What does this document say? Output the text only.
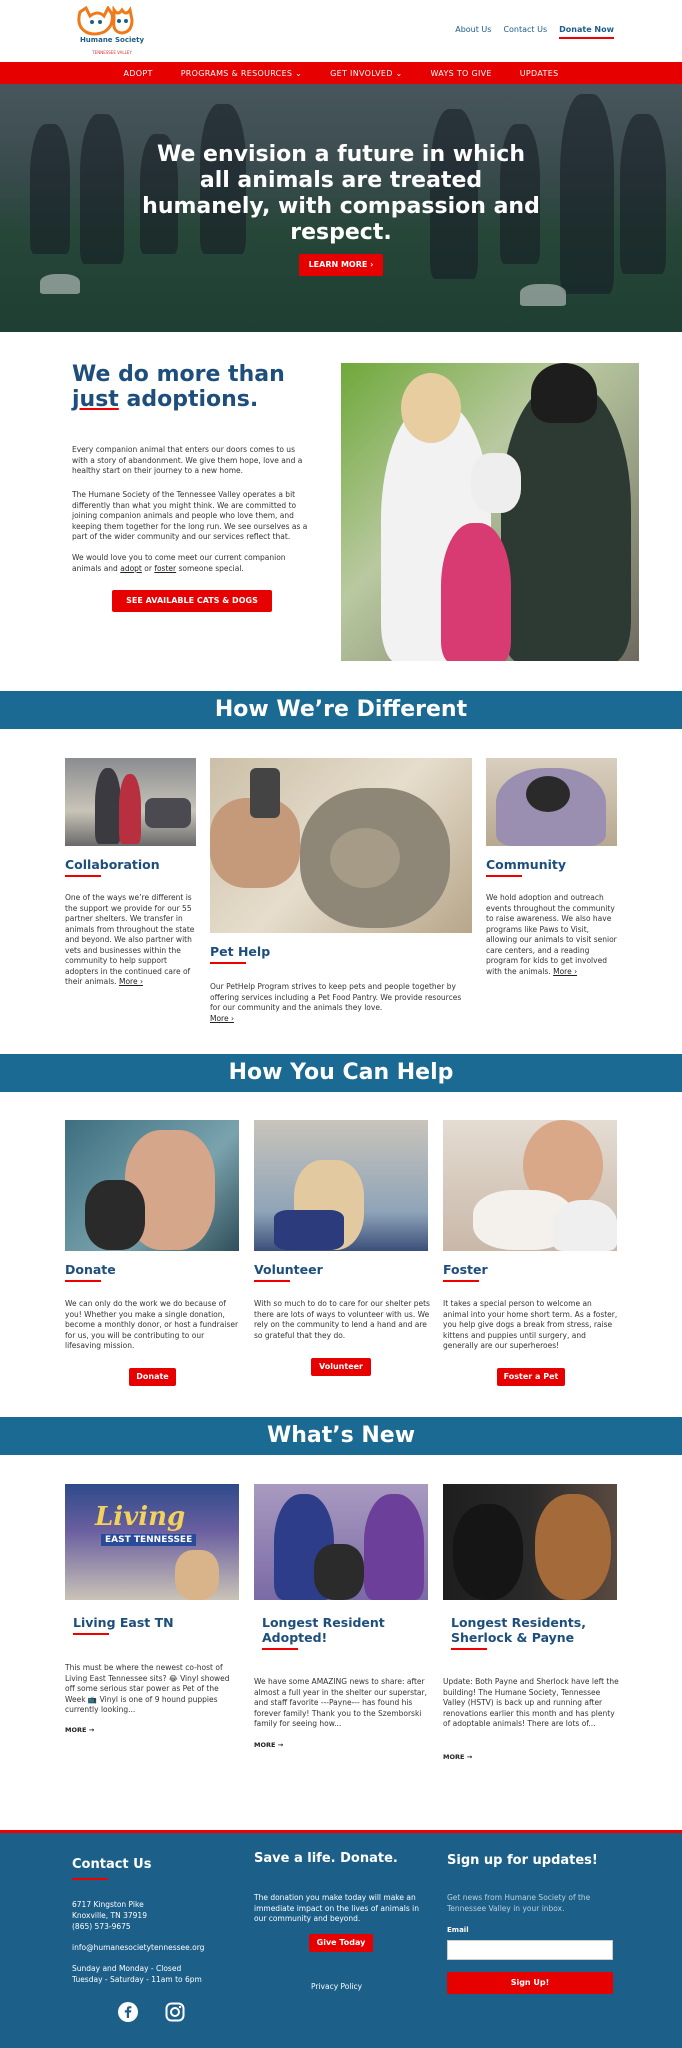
Humane Society
TENNESSEE VALLEY
About Us Contact Us Donate Now
ADOPT	PROGRAMS & RESOURCES ⌄	GET INVOLVED ⌄	WAYS TO GIVE	UPDATES
We envision a future in which all animals are treated humanely, with compassion and respect.
LEARN MORE ›
We do more than just adoptions.
Every companion animal that enters our doors comes to us with a story of abandonment. We give them hope, love and a healthy start on their journey to a new home.
The Humane Society of the Tennessee Valley operates a bit differently than what you might think. We are committed to joining companion animals and people who love them, and keeping them together for the long run. We see ourselves as a part of the wider community and our services reflect that.
We would love you to come meet our current companion animals and adopt or foster someone special.
SEE AVAILABLE CATS & DOGS
How We’re Different
Collaboration
One of the ways we’re different is the support we provide for our 55 partner shelters. We transfer in animals from throughout the state and beyond. We also partner with vets and businesses within the community to help support adopters in the continued care of their animals. More ›
Pet Help
Our PetHelp Program strives to keep pets and people together by offering services including a Pet Food Pantry. We provide resources for our community and the animals they love.
More ›
Community
We hold adoption and outreach events throughout the community to raise awareness. We also have programs like Paws to Visit, allowing our animals to visit senior care centers, and a reading program for kids to get involved with the animals. More ›
How You Can Help
Donate
We can only do the work we do because of you! Whether you make a single donation, become a monthly donor, or host a fundraiser for us, you will be contributing to our lifesaving mission.
Donate
Volunteer
With so much to do to care for our shelter pets there are lots of ways to volunteer with us. We rely on the community to lend a hand and are so grateful that they do.
Volunteer
Foster
It takes a special person to welcome an animal into your home short term. As a foster, you help give dogs a break from stress, raise kittens and puppies until surgery, and generally are our superheroes!
Foster a Pet
What’s New
Living
EAST TENNESSEE
Living East TN
This must be where the newest co-host of Living East Tennessee sits? 😂 Vinyl showed off some serious star power as Pet of the Week 📺 Vinyl is one of 9 hound puppies currently looking...
MORE →
Longest Resident Adopted!
We have some AMAZING news to share: after almost a full year in the shelter our superstar, and staff favorite ---Payne--- has found his forever family! Thank you to the Szemborski family for seeing how...
MORE →
Longest Residents, Sherlock & Payne
Update: Both Payne and Sherlock have left the building! The Humane Society, Tennessee Valley (HSTV) is back up and running after renovations earlier this month and has plenty of adoptable animals! There are lots of...
MORE →
Contact Us
6717 Kingston Pike
Knoxville, TN 37919
(865) 573-9675
info@humanesocietytennessee.org
Sunday and Monday - Closed
Tuesday - Saturday - 11am to 6pm
Save a life. Donate.
The donation you make today will make an immediate impact on the lives of animals in our community and beyond.
Give Today
Privacy Policy
Sign up for updates!
Get news from Humane Society of the Tennessee Valley in your inbox.
Email
Sign Up!
